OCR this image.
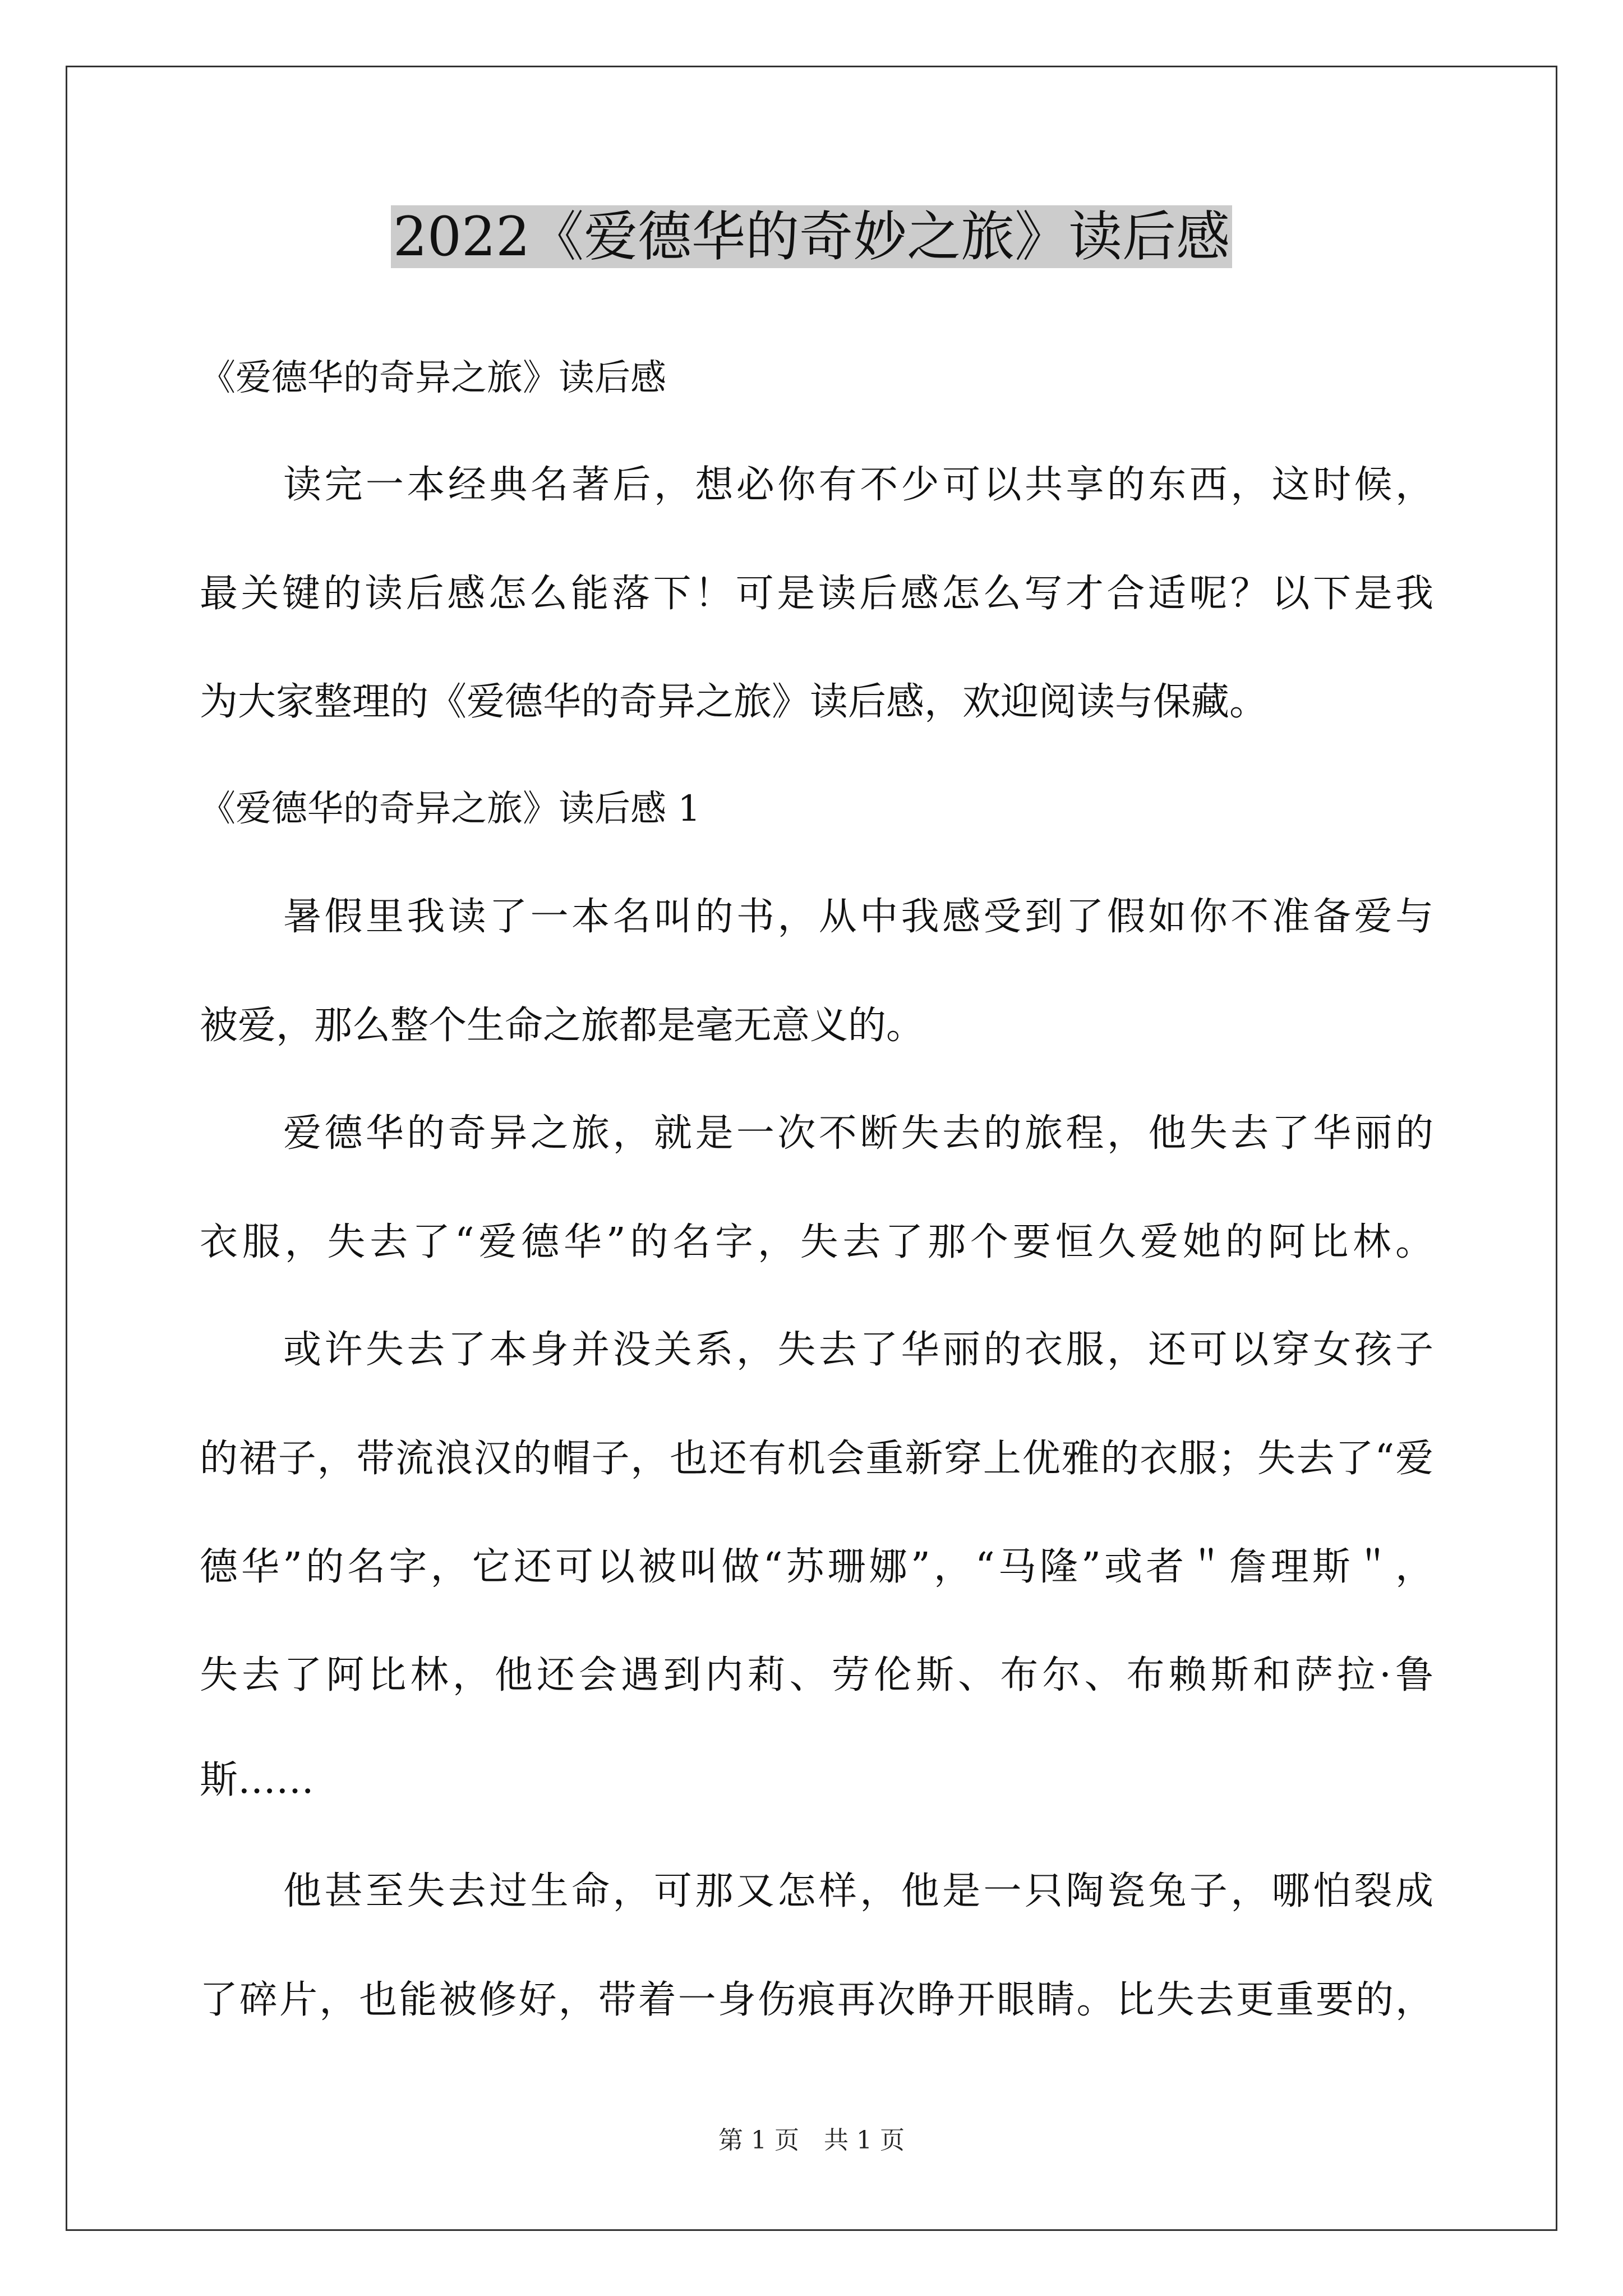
2022《爱德华的奇妙之旅》读后感

《爱德华的奇异之旅》读后感

读完一本经典名著后，想必你有不少可以共享的东西，这时候，

最关键的读后感怎么能落下！可是读后感怎么写才合适呢？以下是我

为大家整理的《爱德华的奇异之旅》读后感，欢迎阅读与保藏。

《爱德华的奇异之旅》读后感 1

暑假里我读了一本名叫的书，从中我感受到了假如你不准备爱与

被爱，那么整个生命之旅都是毫无意义的。

爱德华的奇异之旅，就是一次不断失去的旅程，他失去了华丽的

衣服，失去了“爱德华”的名字，失去了那个要恒久爱她的阿比林。

或许失去了本身并没关系，失去了华丽的衣服，还可以穿女孩子

的裙子，带流浪汉的帽子，也还有机会重新穿上优雅的衣服；失去了“爱

德华”的名字，它还可以被叫做“苏珊娜”，“马隆”或者＂詹理斯＂，

失去了阿比林，他还会遇到内莉、劳伦斯、布尔、布赖斯和萨拉·鲁

斯……

他甚至失去过生命，可那又怎样，他是一只陶瓷兔子，哪怕裂成

了碎片，也能被修好，带着一身伤痕再次睁开眼睛。比失去更重要的，

第 1 页　共 1 页
